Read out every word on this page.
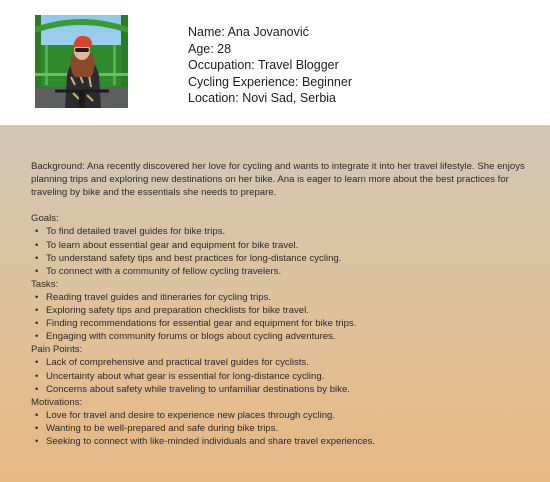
Name: Ana Jovanović
Age: 28
Occupation: Travel Blogger
Cycling Experience: Beginner
Location: Novi Sad, Serbia

Background: Ana recently discovered her love for cycling and wants to integrate it into her travel lifestyle. She enjoys planning trips and exploring new destinations on her bike. Ana is eager to learn more about the best practices for traveling by bike and the essentials she needs to prepare.

Goals:
• To find detailed travel guides for bike trips.
• To learn about essential gear and equipment for bike travel.
• To understand safety tips and best practices for long-distance cycling.
• To connect with a community of fellow cycling travelers.
Tasks:
• Reading travel guides and itineraries for cycling trips.
• Exploring safety tips and preparation checklists for bike travel.
• Finding recommendations for essential gear and equipment for bike trips.
• Engaging with community forums or blogs about cycling adventures.
Pain Points:
• Lack of comprehensive and practical travel guides for cyclists.
• Uncertainty about what gear is essential for long-distance cycling.
• Concerns about safety while traveling to unfamiliar destinations by bike.
Motivations:
• Love for travel and desire to experience new places through cycling.
• Wanting to be well-prepared and safe during bike trips.
• Seeking to connect with like-minded individuals and share travel experiences.
